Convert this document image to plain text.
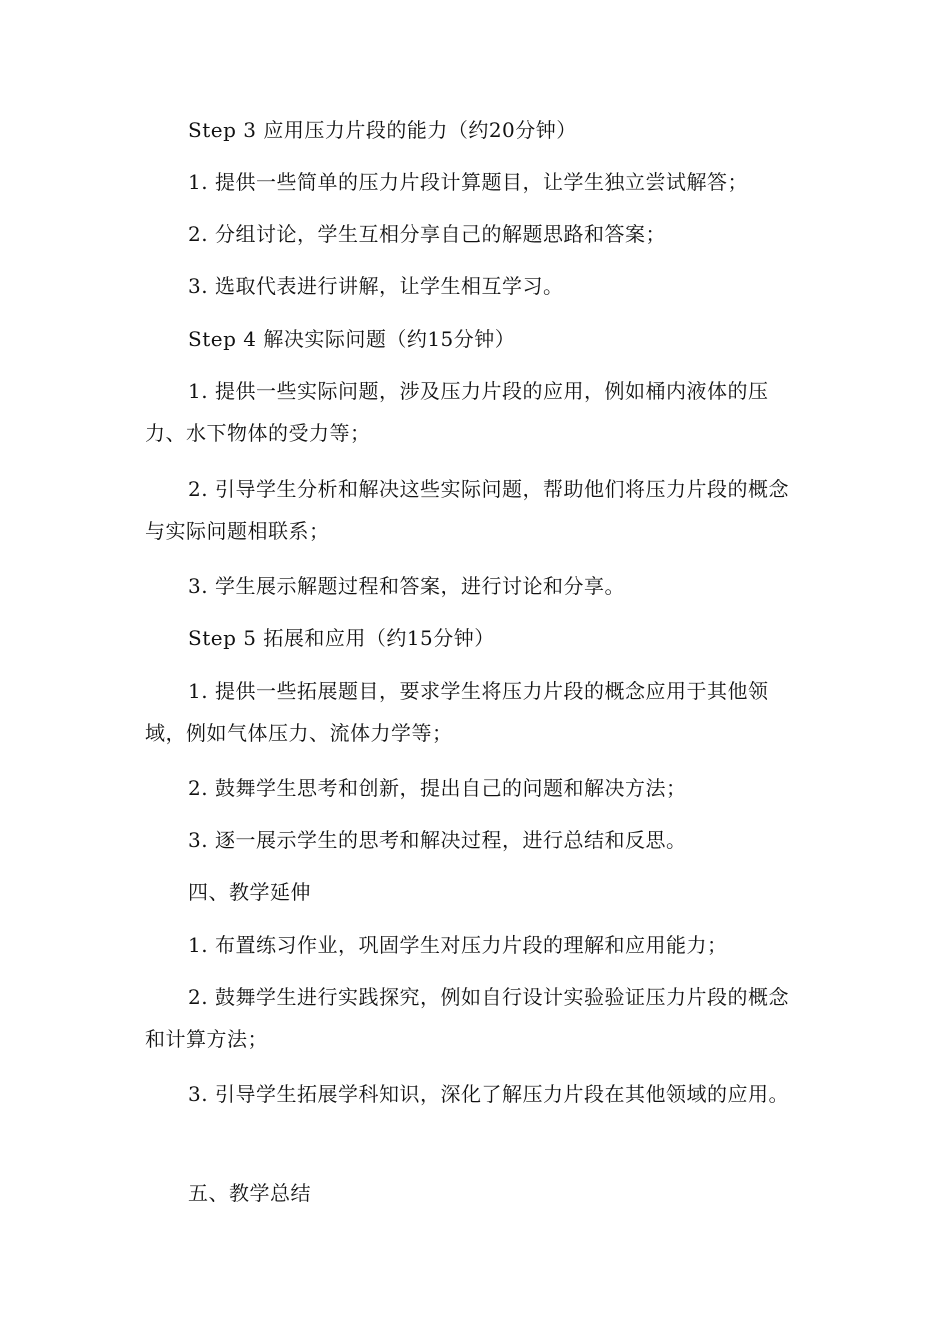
Step 3 应用压力片段的能力（约20分钟）

1. 提供一些简单的压力片段计算题目，让学生独立尝试解答；

2. 分组讨论，学生互相分享自己的解题思路和答案；

3. 选取代表进行讲解，让学生相互学习。

Step 4 解决实际问题（约15分钟）

1. 提供一些实际问题，涉及压力片段的应用，例如桶内液体的压力、水下物体的受力等；

2. 引导学生分析和解决这些实际问题，帮助他们将压力片段的概念与实际问题相联系；

3. 学生展示解题过程和答案，进行讨论和分享。

Step 5 拓展和应用（约15分钟）

1. 提供一些拓展题目，要求学生将压力片段的概念应用于其他领域，例如气体压力、流体力学等；

2. 鼓舞学生思考和创新，提出自己的问题和解决方法；

3. 逐一展示学生的思考和解决过程，进行总结和反思。

四、教学延伸

1. 布置练习作业，巩固学生对压力片段的理解和应用能力；

2. 鼓舞学生进行实践探究，例如自行设计实验验证压力片段的概念和计算方法；

3. 引导学生拓展学科知识，深化了解压力片段在其他领域的应用。

五、教学总结
